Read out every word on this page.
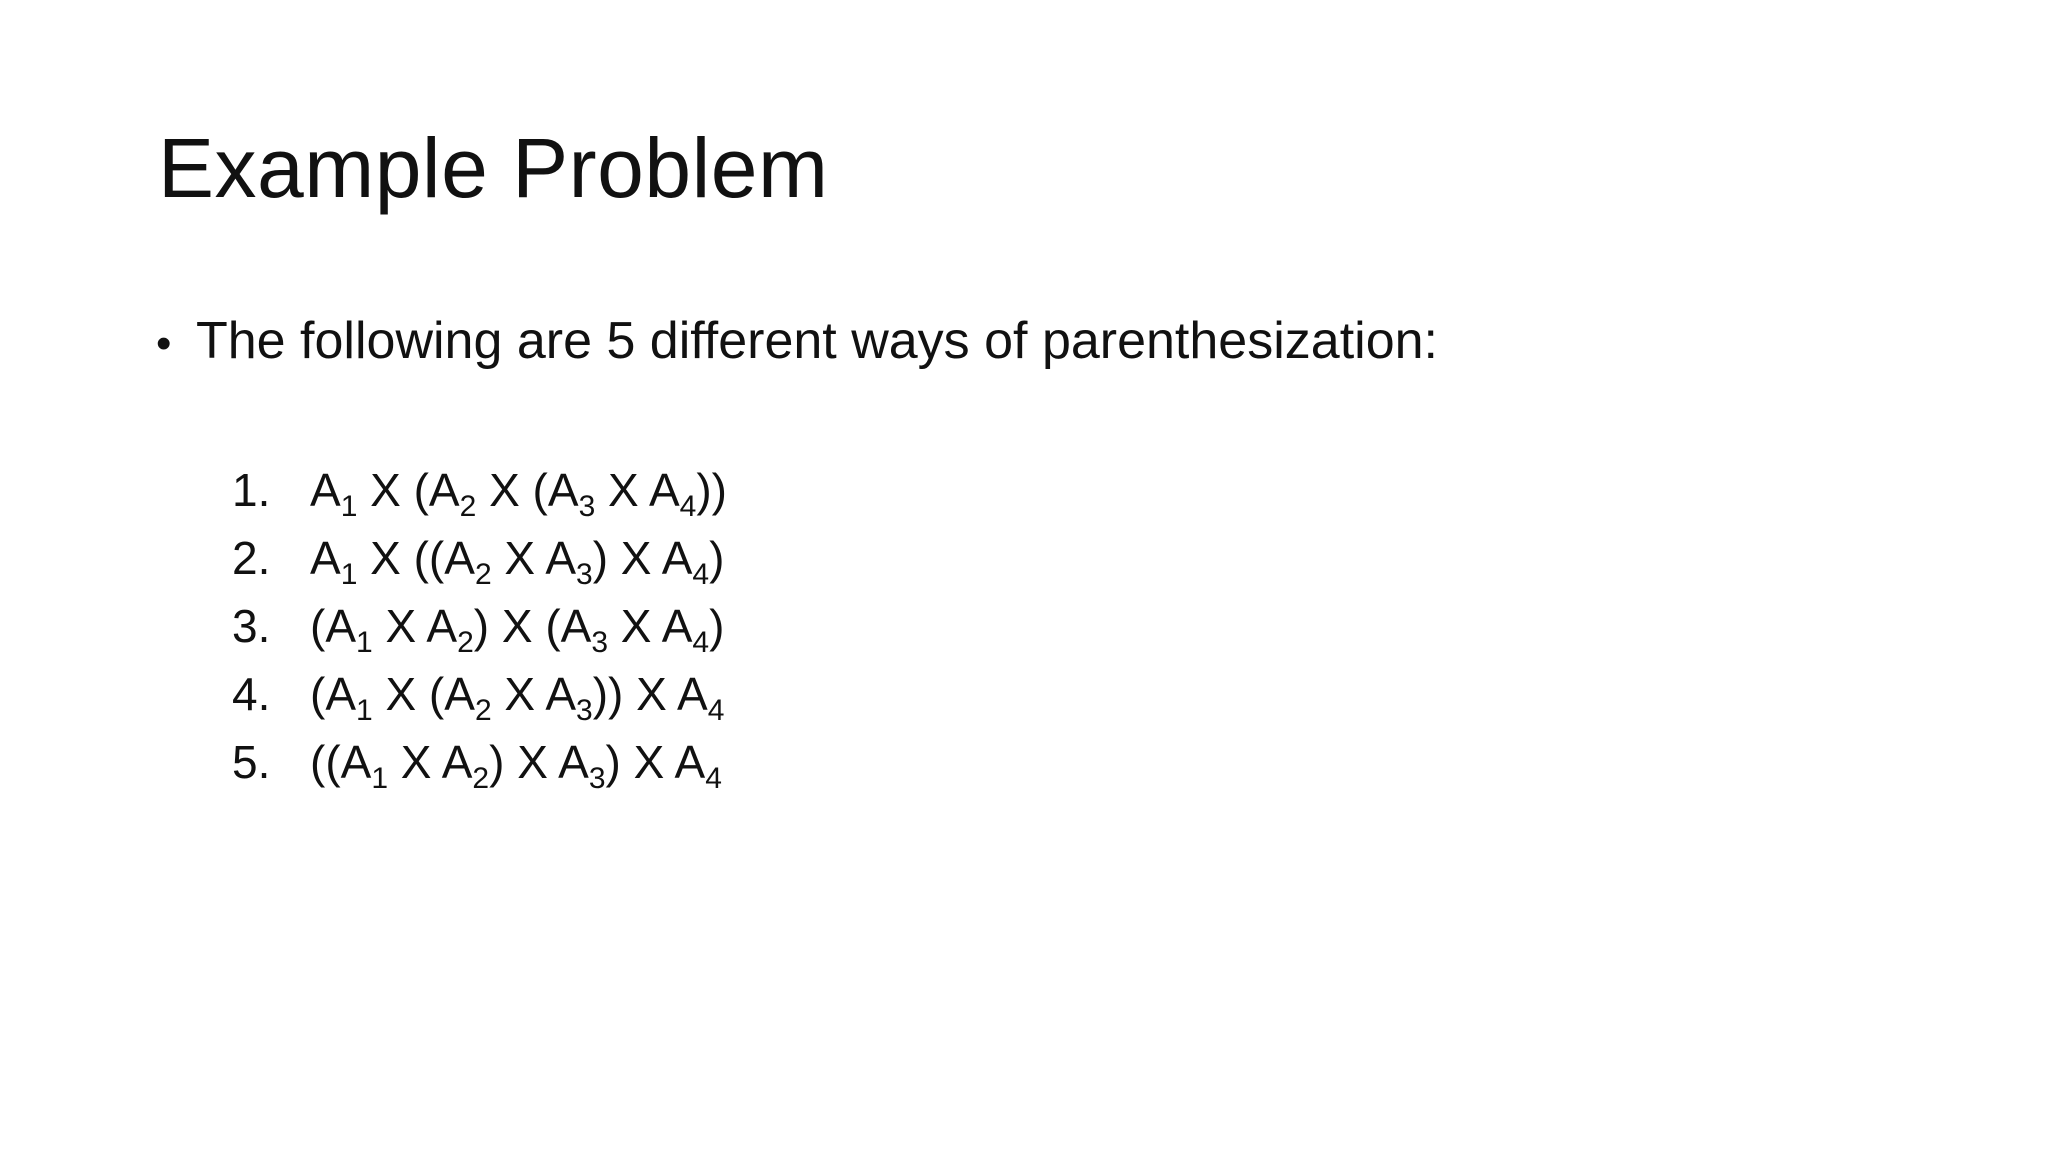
Example Problem
• The following are 5 different ways of parenthesization:
1. $A_1$ X ($A_2$ X ($A_3$ X $A_4$))
2. $A_1$ X (($A_2$ X $A_3$) X $A_4$)
3. ($A_1$ X $A_2$) X ($A_3$ X $A_4$)
4. ($A_1$ X ($A_2$ X $A_3$)) X $A_4$
5. (($A_1$ X $A_2$) X $A_3$) X $A_4$
